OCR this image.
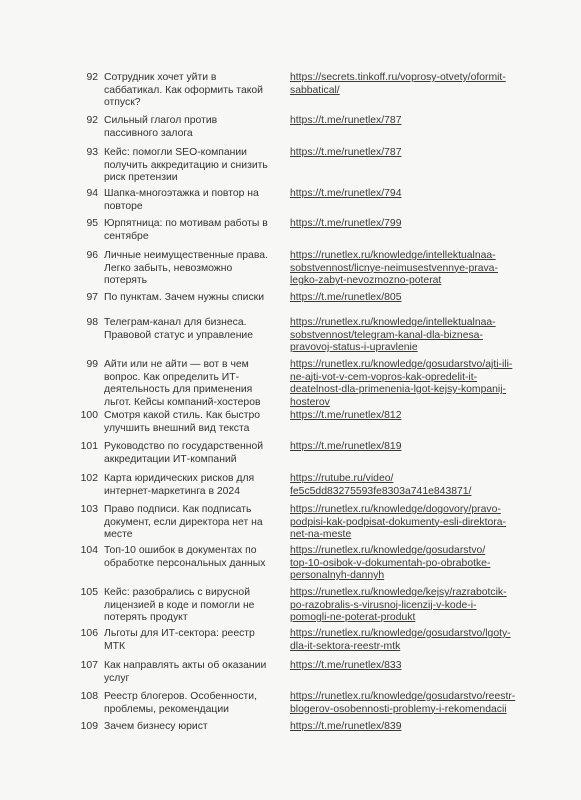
92 Сотрудник хочет уйти в
саббатикал. Как оформить такой
отпуск?
https://secrets.tinkoff.ru/voprosy-otvety/oformit-
sabbatical/
92 Сильный глагол против
пассивного залога
https://t.me/runetlex/787
93 Кейс: помогли SEO-компании
получить аккредитацию и снизить
риск претензии
https://t.me/runetlex/787
94 Шапка-многоэтажка и повтор на
повторе
https://t.me/runetlex/794
95 Юрпятница: по мотивам работы в
сентябре
https://t.me/runetlex/799
96 Личные неимущественные права.
Легко забыть, невозможно
потерять
https://runetlex.ru/knowledge/intellektualnaa-
sobstvennost/licnye-neimusestvennye-prava-
legko-zabyt-nevozmozno-poterat
97 По пунктам. Зачем нужны списки	https://t.me/runetlex/805
98 Телеграм-канал для бизнеса.
Правовой статус и управление
https://runetlex.ru/knowledge/intellektualnaa-
sobstvennost/telegram-kanal-dla-biznesa-
pravovoj-status-i-upravlenie
99 Айти или не айти — вот в чем
вопрос. Как определить ИТ-
деятельность для применения
льгот. Кейсы компаний-хостеров
https://runetlex.ru/knowledge/gosudarstvo/ajti-ili-
ne-ajti-vot-v-cem-vopros-kak-opredelit-it-
deatelnost-dla-primenenia-lgot-kejsy-kompanij-
hosterov
100 Смотря какой стиль. Как быстро
улучшить внешний вид текста
https://t.me/runetlex/812
101 Руководство по государственной
аккредитации ИТ-компаний
https://t.me/runetlex/819
102 Карта юридических рисков для
интернет-маркетинга в 2024
https://rutube.ru/video/
fe5c5dd83275593fe8303a741e843871/
103 Право подписи. Как подписать
документ, если директора нет на
месте
https://runetlex.ru/knowledge/dogovory/pravo-
podpisi-kak-podpisat-dokumenty-esli-direktora-
net-na-meste
104 Топ-10 ошибок в документах по
обработке персональных данных
https://runetlex.ru/knowledge/gosudarstvo/
top-10-osibok-v-dokumentah-po-obrabotke-
personalnyh-dannyh
105 Кейс: разобрались с вирусной
лицензией в коде и помогли не
потерять продукт
https://runetlex.ru/knowledge/kejsy/razrabotcik-
po-razobralis-s-virusnoj-licenzij-v-kode-i-
pomogli-ne-poterat-produkt
106 Льготы для ИТ-сектора: реестр
МТК
https://runetlex.ru/knowledge/gosudarstvo/lgoty-
dla-it-sektora-reestr-mtk
107 Как направлять акты об оказании
услуг
https://t.me/runetlex/833
108 Реестр блогеров. Особенности,
проблемы, рекомендации
https://runetlex.ru/knowledge/gosudarstvo/reestr-
blogerov-osobennosti-problemy-i-rekomendacii
109 Зачем бизнесу юрист	https://t.me/runetlex/839
